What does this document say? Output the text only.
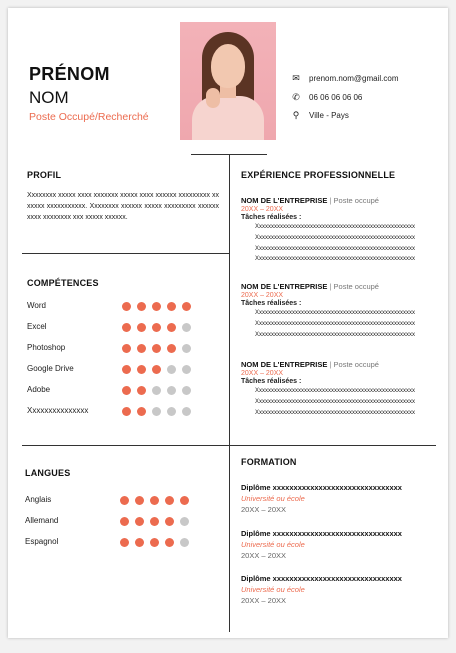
PRÉNOM
NOM
Poste Occupé/Recherché
✉ prenom.nom@gmail.com
✆ 06 06 06 06 06
⚲	Ville - Pays
PROFIL
Xxxxxxxx xxxxx xxxx xxxxxxx xxxxx xxxx xxxxxx xxxxxxxxx xxxxxxx xxxxxxxxxxx. Xxxxxxxx xxxxxx xxxxx xxxxxxxxx xxxxxxxxxx xxxxxxxx xxx xxxxx xxxxxx.
COMPÉTENCES
Word
Excel
Photoshop
Google Drive
Adobe
Xxxxxxxxxxxxxxx
LANGUES
Anglais
Allemand
Espagnol
EXPÉRIENCE PROFESSIONNELLE
NOM DE L'ENTREPRISE | Poste occupé
20XX – 20XX
Tâches réalisées :
• Xxxxxxxxxxxxxxxxxxxxxxxxxxxxxxxxxxxxxxxxxxxxxxxxxxxxx
• Xxxxxxxxxxxxxxxxxxxxxxxxxxxxxxxxxxxxxxxxxxxxxxxxxxxxx
• Xxxxxxxxxxxxxxxxxxxxxxxxxxxxxxxxxxxxxxxxxxxxxxxxxxxxx
• Xxxxxxxxxxxxxxxxxxxxxxxxxxxxxxxxxxxxxxxxxxxxxxxxxxxxx
NOM DE L'ENTREPRISE | Poste occupé
20XX – 20XX
Tâches réalisées :
• Xxxxxxxxxxxxxxxxxxxxxxxxxxxxxxxxxxxxxxxxxxxxxxxxxxxxx
• Xxxxxxxxxxxxxxxxxxxxxxxxxxxxxxxxxxxxxxxxxxxxxxxxxxxxx
• Xxxxxxxxxxxxxxxxxxxxxxxxxxxxxxxxxxxxxxxxxxxxxxxxxxxxx
NOM DE L'ENTREPRISE | Poste occupé
20XX – 20XX
Tâches réalisées :
• Xxxxxxxxxxxxxxxxxxxxxxxxxxxxxxxxxxxxxxxxxxxxxxxxxxxxx
• Xxxxxxxxxxxxxxxxxxxxxxxxxxxxxxxxxxxxxxxxxxxxxxxxxxxxx
• Xxxxxxxxxxxxxxxxxxxxxxxxxxxxxxxxxxxxxxxxxxxxxxxxxxxxx
FORMATION
Diplôme xxxxxxxxxxxxxxxxxxxxxxxxxxxxxxx
Université ou école
20XX – 20XX
Diplôme xxxxxxxxxxxxxxxxxxxxxxxxxxxxxxx
Université ou école
20XX – 20XX
Diplôme xxxxxxxxxxxxxxxxxxxxxxxxxxxxxxx
Université ou école
20XX – 20XX
